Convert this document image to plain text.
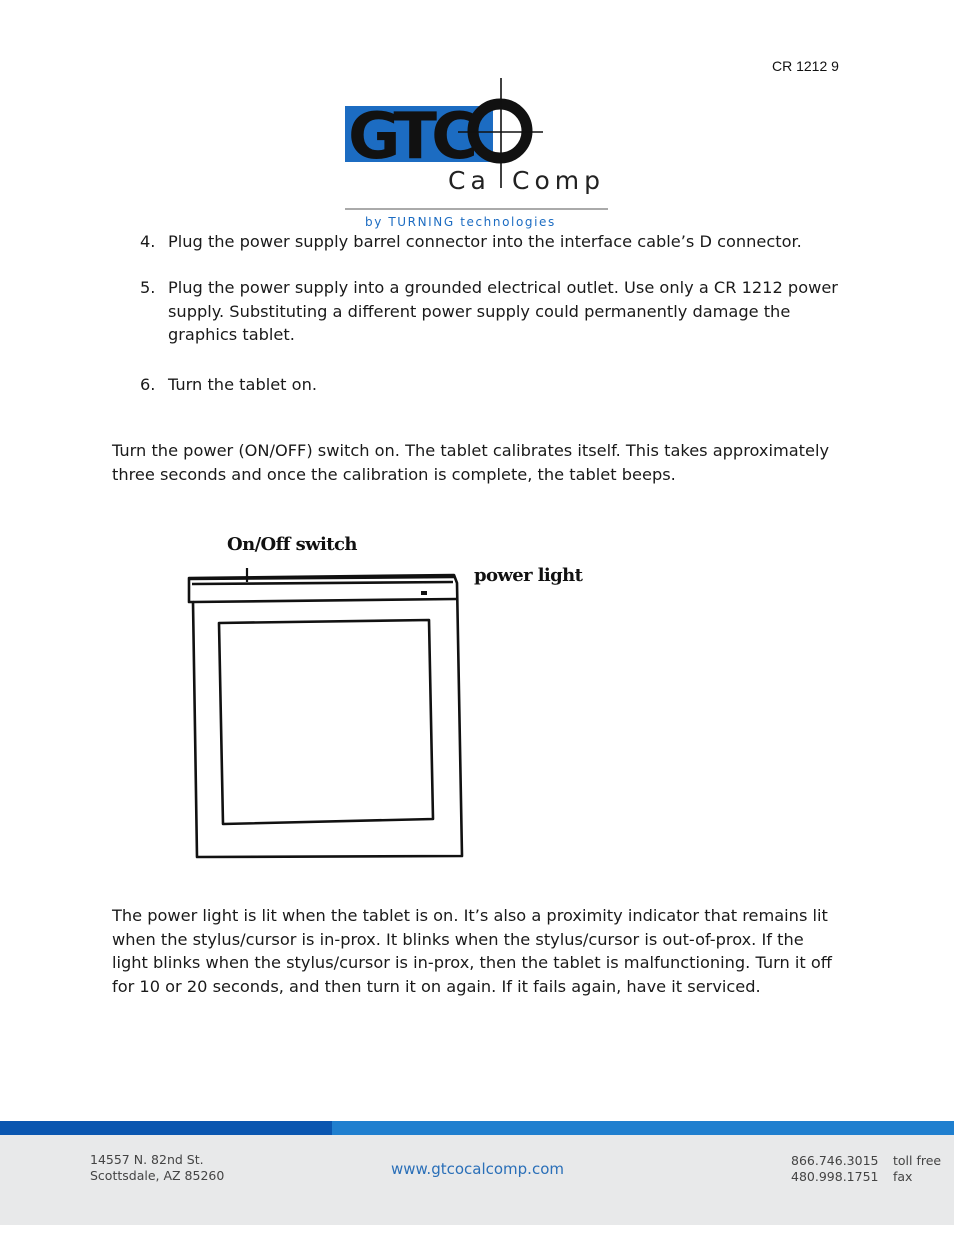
CR 1212 9
GTC
Ca Comp
by TURNING technologies
4. Plug the power supply barrel connector into the interface cable’s D connector.
5. Plug the power supply into a grounded electrical outlet. Use only a CR 1212 power
supply. Substituting a different power supply could permanently damage the
graphics tablet.
6. Turn the tablet on.
Turn the power (ON/OFF) switch on. The tablet calibrates itself. This takes approximately
three seconds and once the calibration is complete, the tablet beeps.
On/Off switch
power light
The power light is lit when the tablet is on. It’s also a proximity indicator that remains lit
when the stylus/cursor is in-prox. It blinks when the stylus/cursor is out-of-prox. If the
light blinks when the stylus/cursor is in-prox, then the tablet is malfunctioning. Turn it off
for 10 or 20 seconds, and then turn it on again. If it fails again, have it serviced.
14557 N. 82nd St.
Scottsdale, AZ 85260	www.gtcocalcomp.com	866.746.3015
480.998.1751
toll free
fax
